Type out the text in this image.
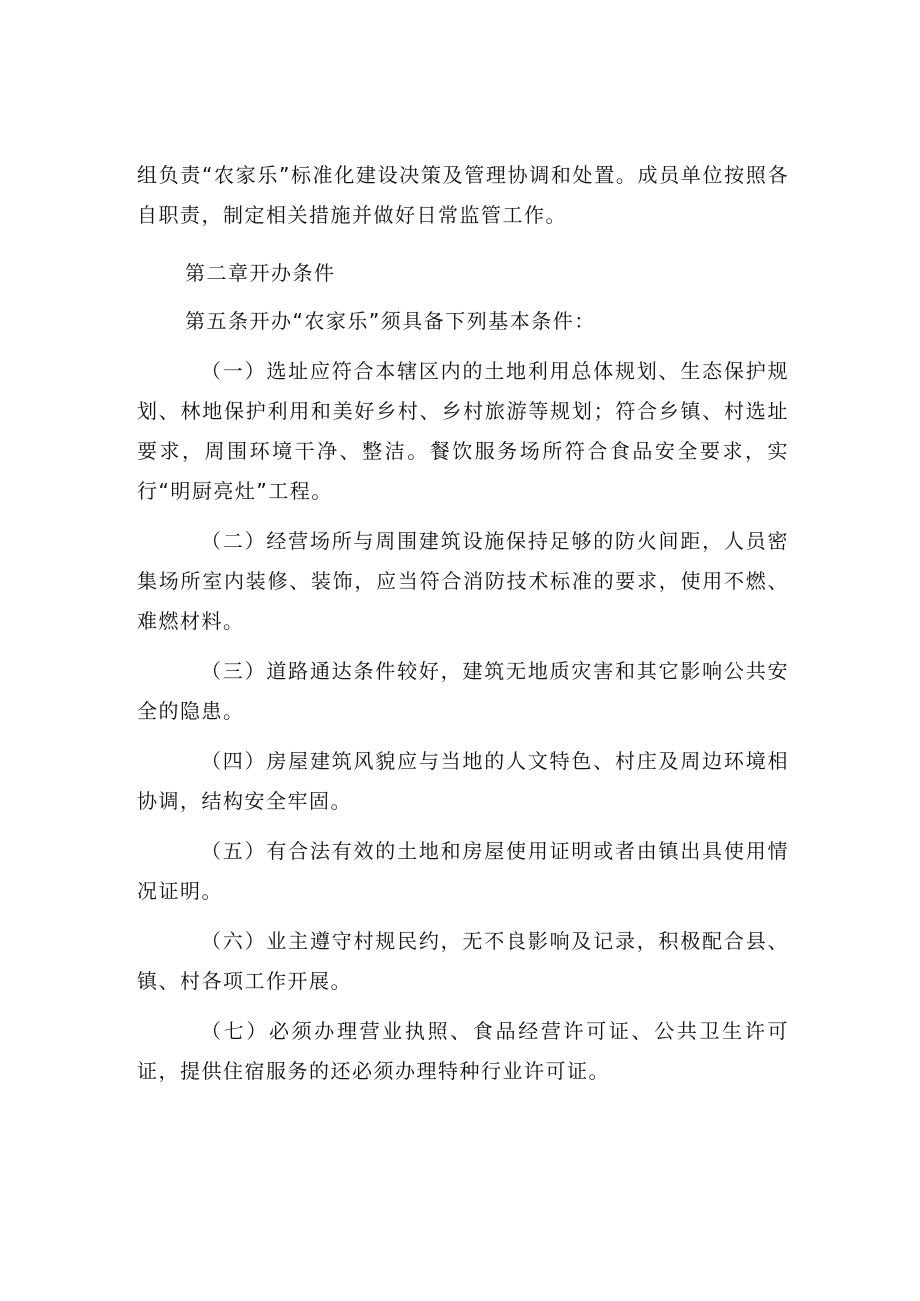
组负责“农家乐”标准化建设决策及管理协调和处置。成员单位按照各自职责，制定相关措施并做好日常监管工作。

第二章开办条件

第五条开办“农家乐”须具备下列基本条件：

（一）选址应符合本辖区内的土地利用总体规划、生态保护规划、林地保护利用和美好乡村、乡村旅游等规划；符合乡镇、村选址要求，周围环境干净、整洁。餐饮服务场所符合食品安全要求，实行“明厨亮灶”工程。

（二）经营场所与周围建筑设施保持足够的防火间距，人员密集场所室内装修、装饰，应当符合消防技术标准的要求，使用不燃、难燃材料。

（三）道路通达条件较好，建筑无地质灾害和其它影响公共安全的隐患。

（四）房屋建筑风貌应与当地的人文特色、村庄及周边环境相协调，结构安全牢固。

（五）有合法有效的土地和房屋使用证明或者由镇出具使用情况证明。

（六）业主遵守村规民约，无不良影响及记录，积极配合县、镇、村各项工作开展。

（七）必须办理营业执照、食品经营许可证、公共卫生许可证，提供住宿服务的还必须办理特种行业许可证。
